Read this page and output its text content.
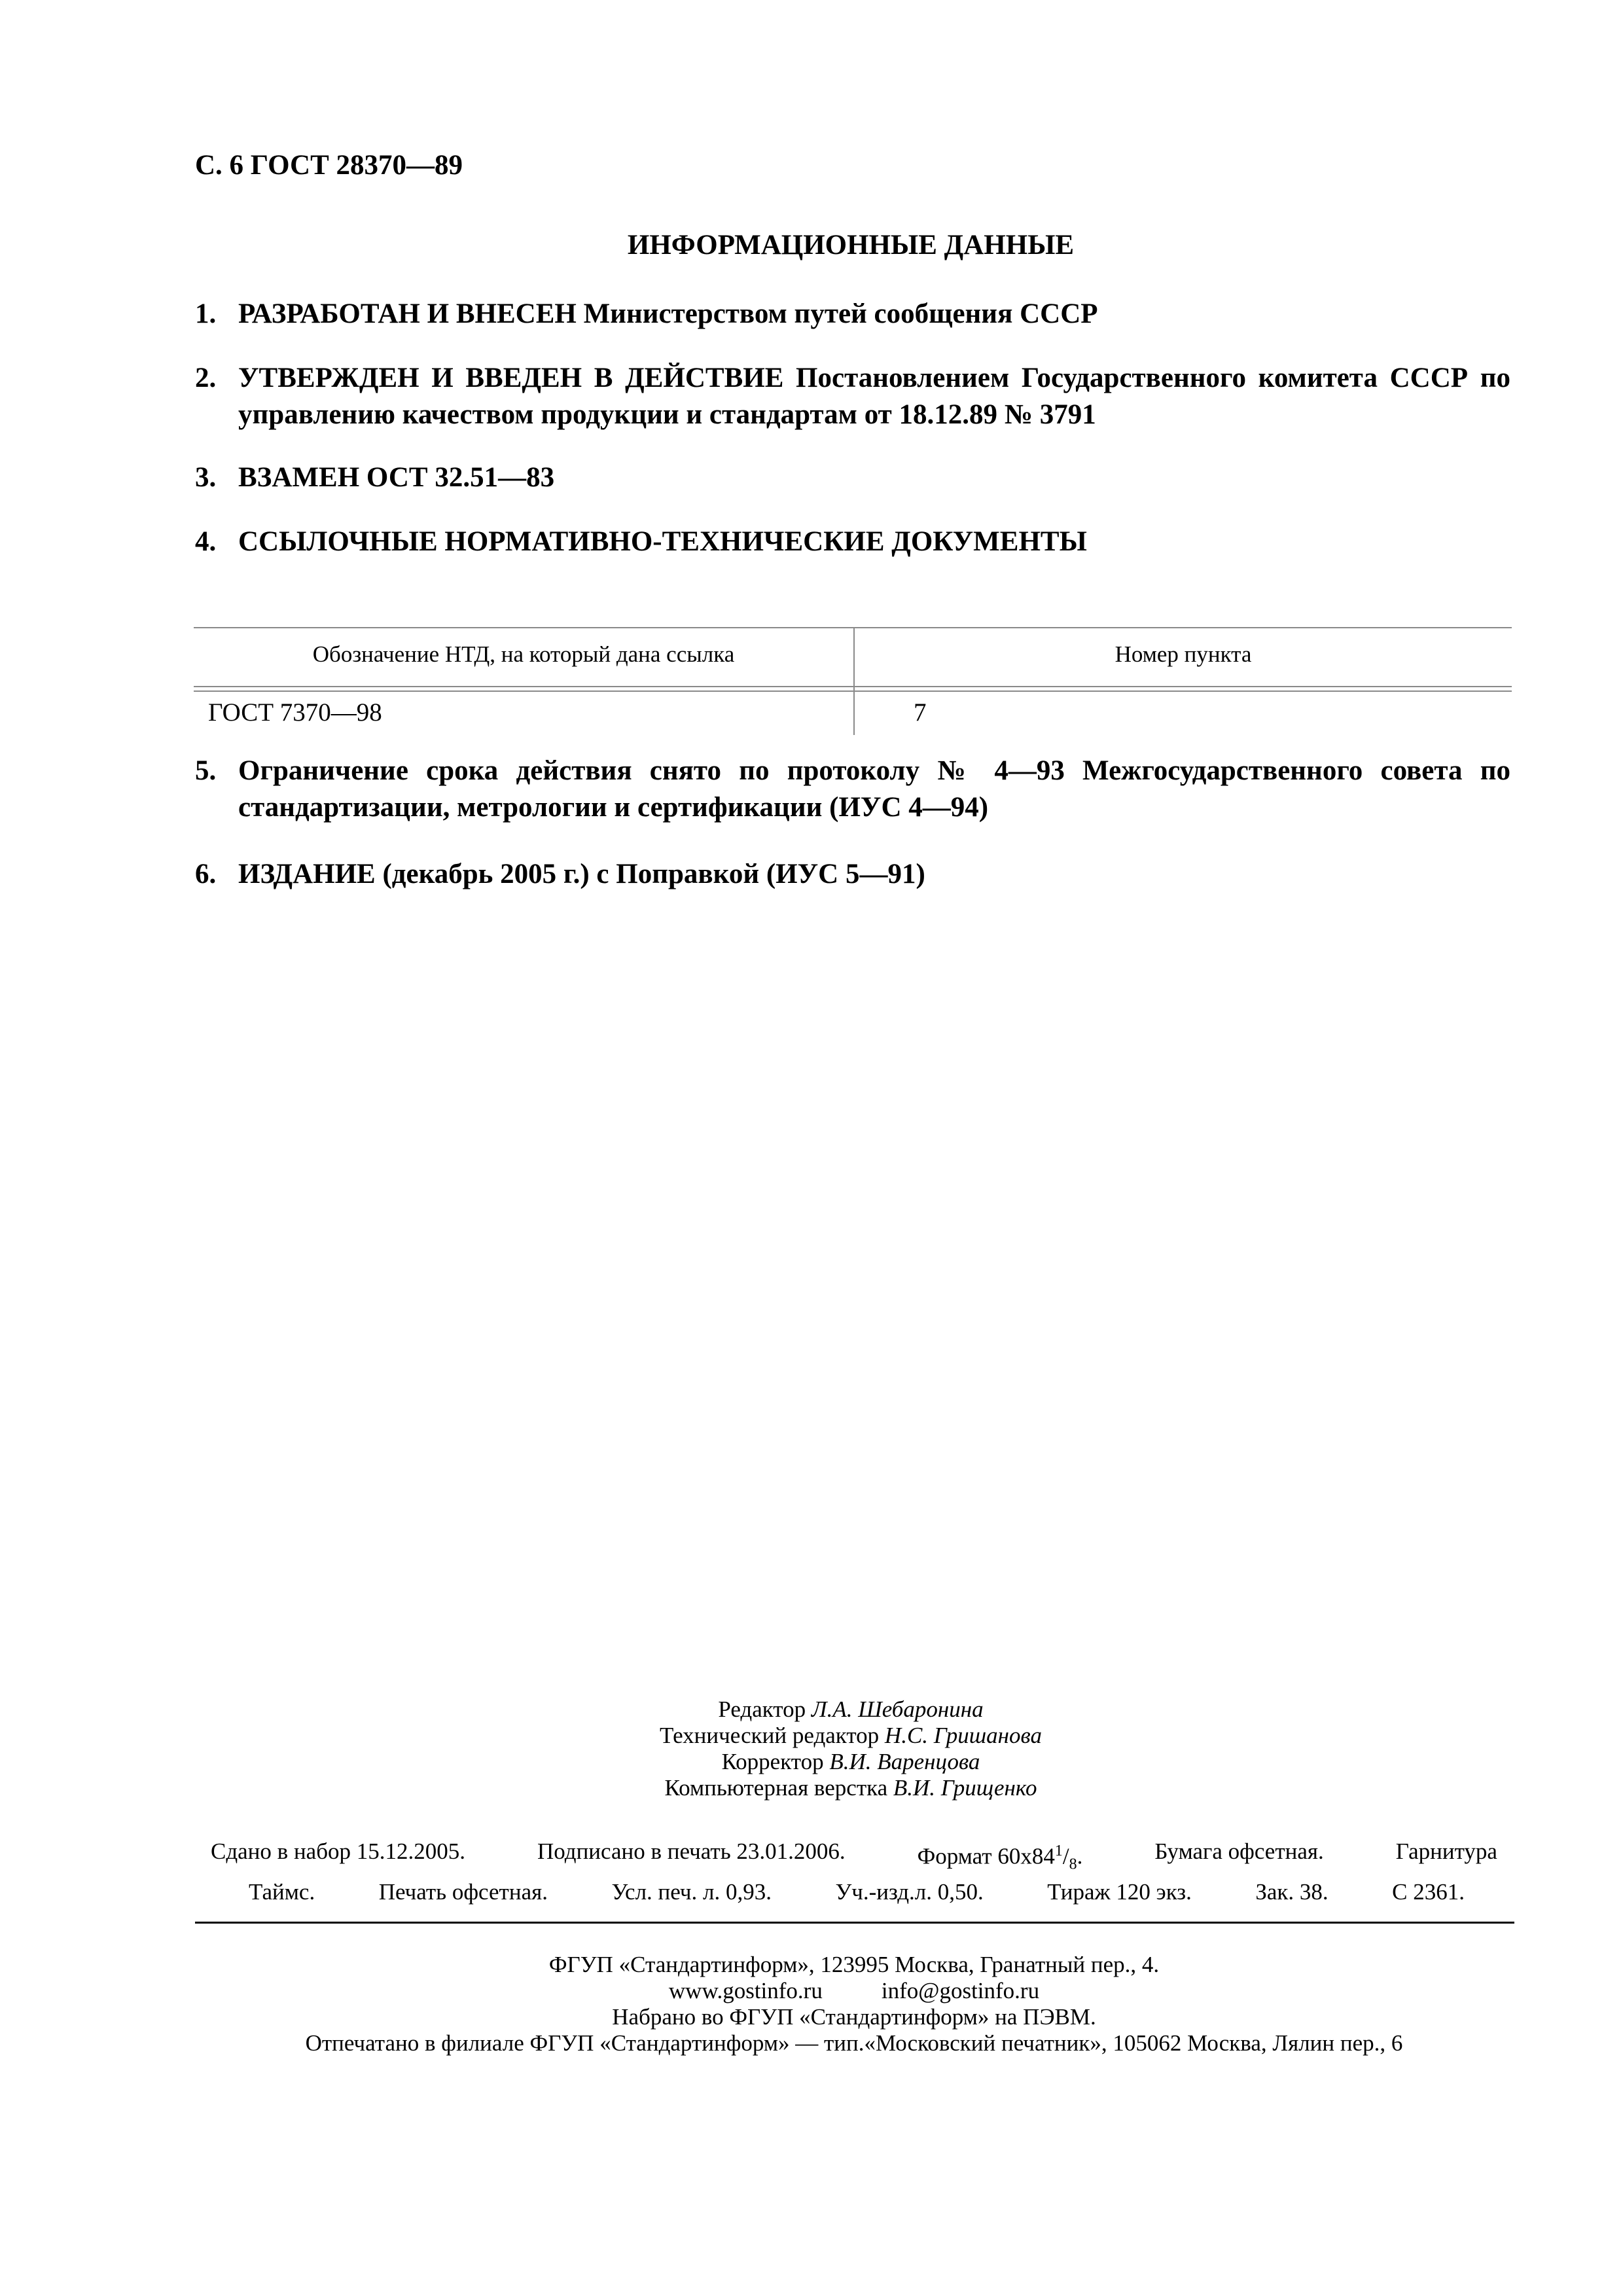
С. 6 ГОСТ 28370—89
ИНФОРМАЦИОННЫЕ ДАННЫЕ
1. РАЗРАБОТАН И ВНЕСЕН Министерством путей сообщения СССР
2. УТВЕРЖДЕН И ВВЕДЕН В ДЕЙСТВИЕ Постановлением Государственного комитета СССР по управлению качеством продукции и стандартам от 18.12.89 № 3791
3. ВЗАМЕН ОСТ 32.51—83
4. ССЫЛОЧНЫЕ НОРМАТИВНО-ТЕХНИЧЕСКИЕ ДОКУМЕНТЫ
Обозначение НТД, на который дана ссылка	Номер пункта
ГОСТ 7370—98	7
5. Ограничение срока действия снято по протоколу № 4—93 Межгосударственного совета по стандартизации, метрологии и сертификации (ИУС 4—94)
6. ИЗДАНИЕ (декабрь 2005 г.) с Поправкой (ИУС 5—91)
Редактор Л.А. Шебаронина
Технический редактор Н.С. Гришанова
Корректор В.И. Варенцова
Компьютерная верстка В.И. Грищенко
Сдано в набор 15.12.2005.	Подписано в печать 23.01.2006.	Формат $60х84^1/_8$.	Бумага офсетная.	Гарнитура
Таймс.	Печать офсетная.	Усл. печ. л. 0,93.	Уч.-изд.л. 0,50.	Тираж 120 экз.	Зак. 38.	С 2361.
ФГУП «Стандартинформ», 123995 Москва, Гранатный пер., 4.
www.gostinfo.ru	info@gostinfo.ru
Набрано во ФГУП «Стандартинформ» на ПЭВМ.
Отпечатано в филиале ФГУП «Стандартинформ» — тип.«Московский печатник», 105062 Москва, Лялин пер., 6
